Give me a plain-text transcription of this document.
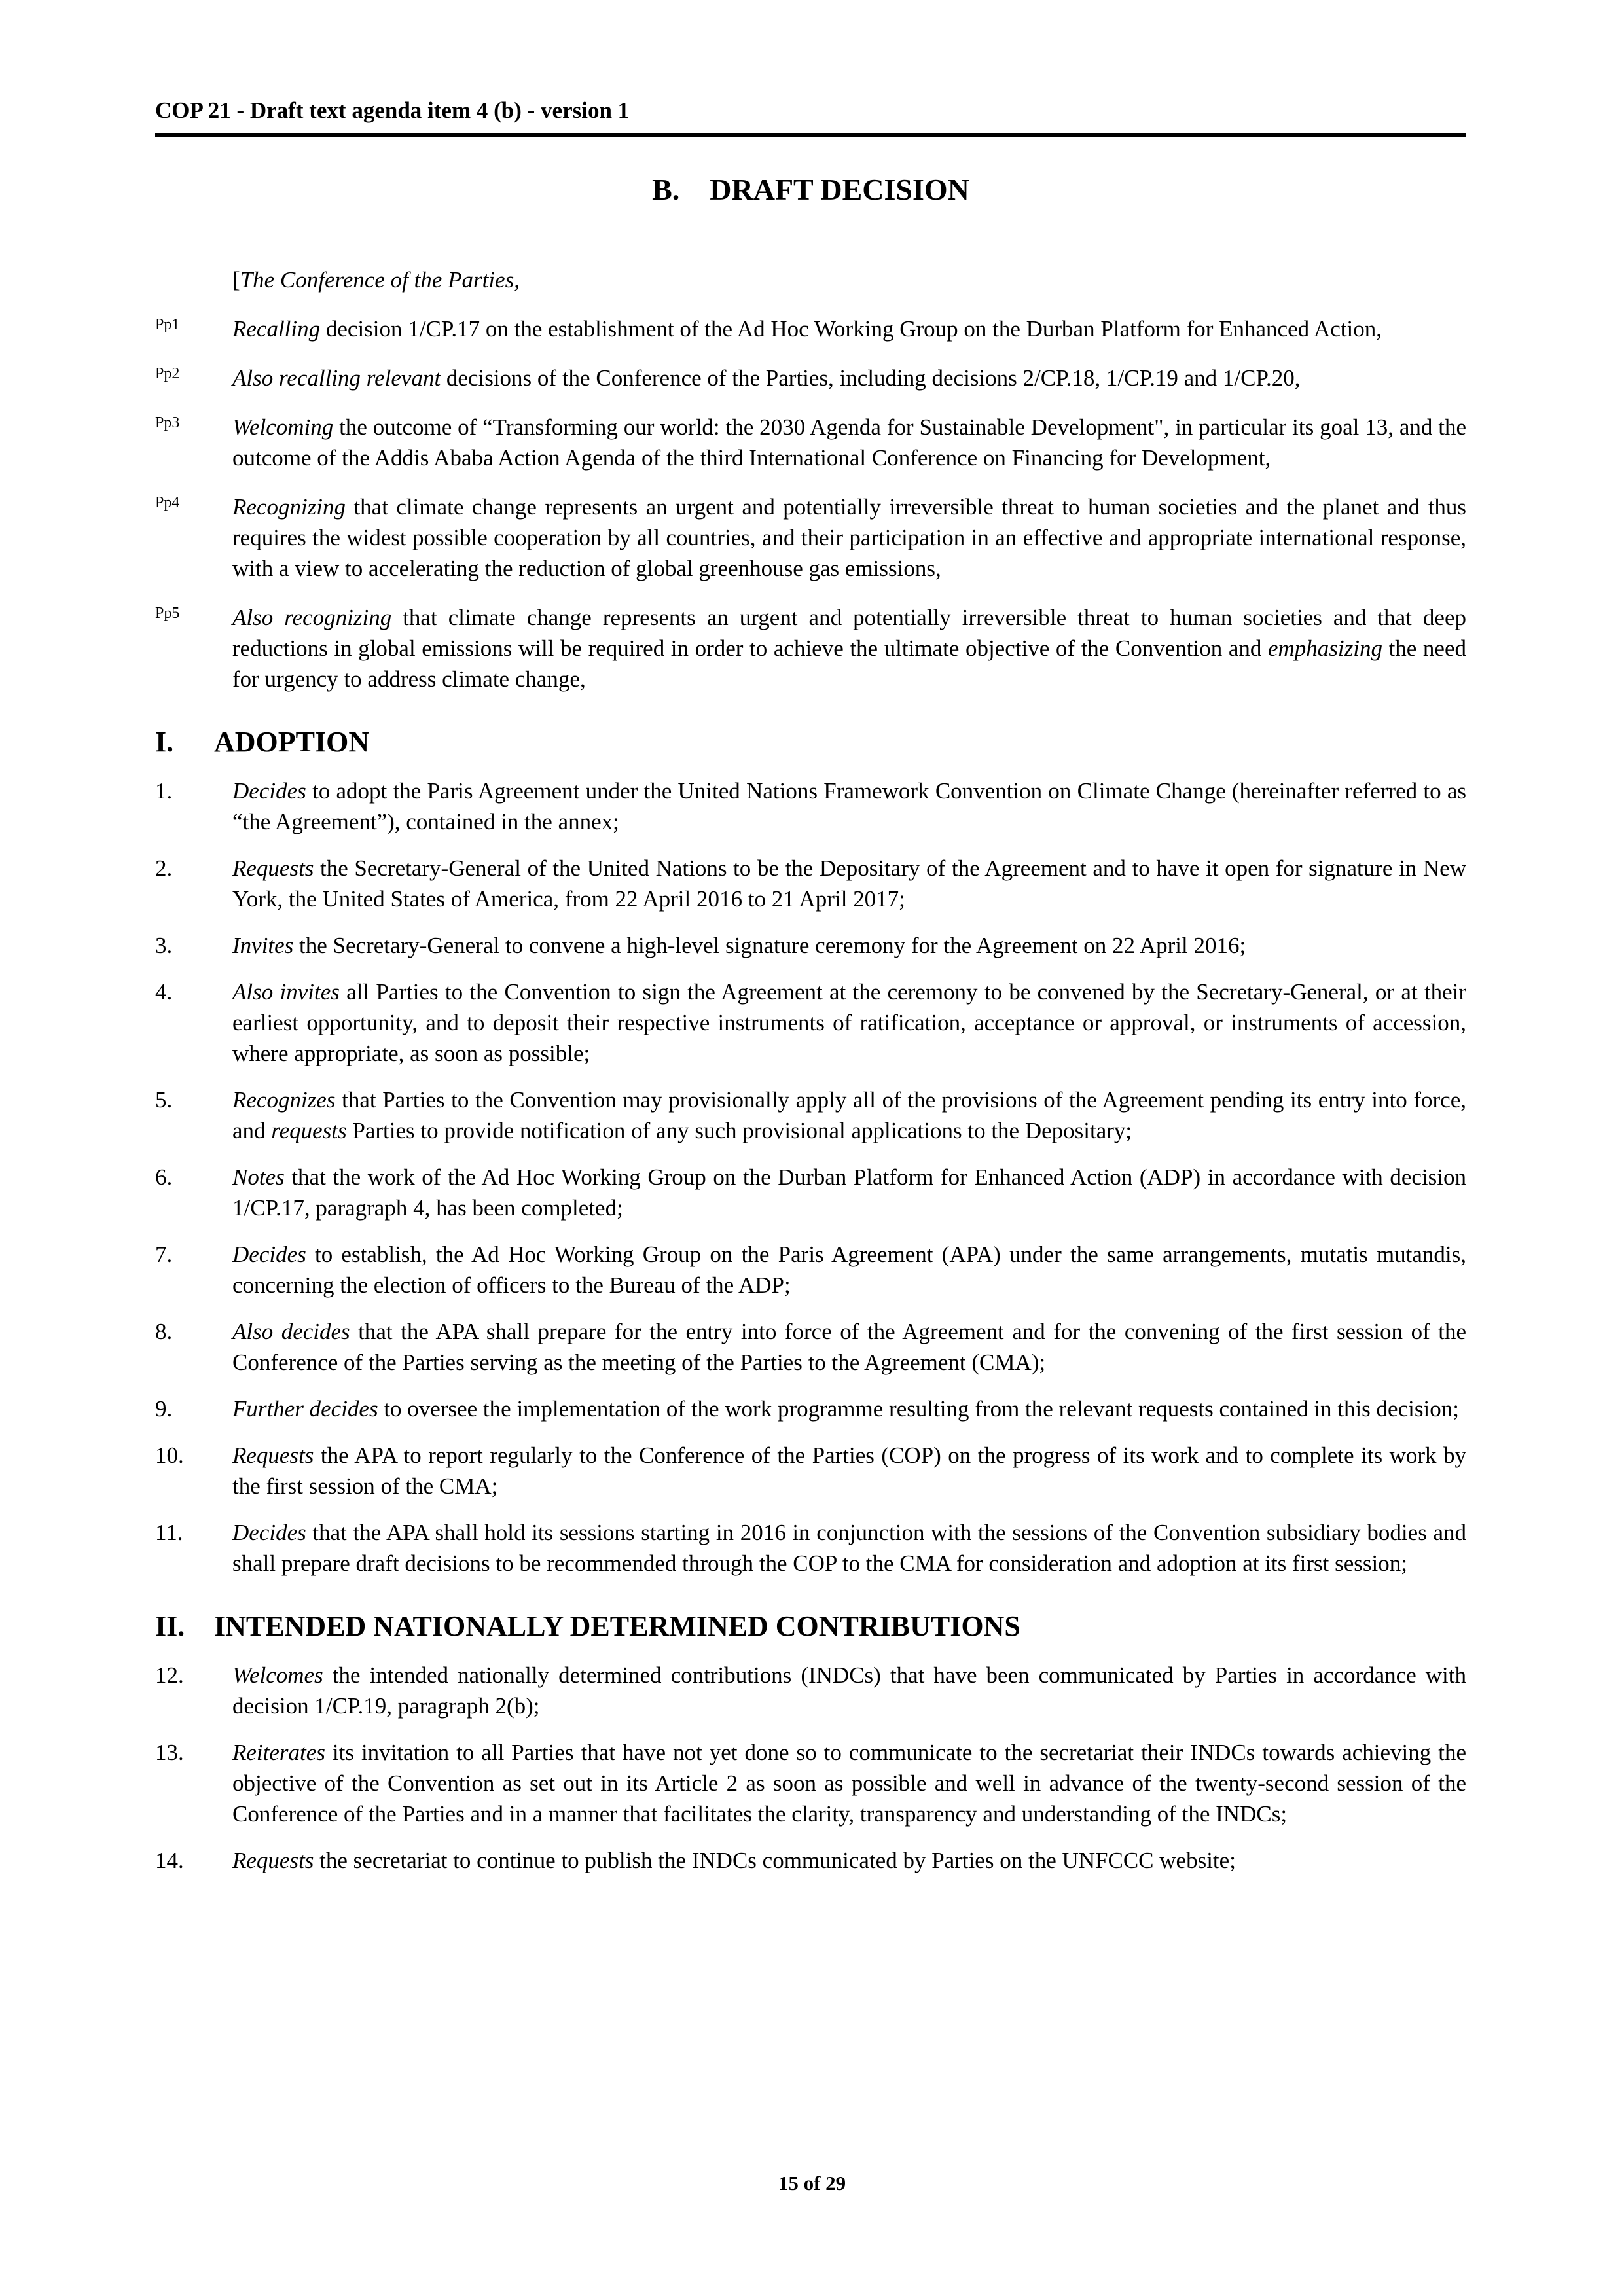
COP 21 - Draft text agenda item 4 (b) - version 1
B. DRAFT DECISION

[The Conference of the Parties,

Pp1	Recalling decision 1/CP.17 on the establishment of the Ad Hoc Working Group on the Durban Platform for Enhanced Action,

Pp2	Also recalling relevant decisions of the Conference of the Parties, including decisions 2/CP.18, 1/CP.19 and 1/CP.20,

Pp3	Welcoming the outcome of “Transforming our world: the 2030 Agenda for Sustainable Development", in particular its goal 13, and the outcome of the Addis Ababa Action Agenda of the third International Conference on Financing for Development,

Pp4	Recognizing that climate change represents an urgent and potentially irreversible threat to human societies and the planet and thus requires the widest possible cooperation by all countries, and their participation in an effective and appropriate international response, with a view to accelerating the reduction of global greenhouse gas emissions,

Pp5	Also recognizing that climate change represents an urgent and potentially irreversible threat to human societies and that deep reductions in global emissions will be required in order to achieve the ultimate objective of the Convention and emphasizing the need for urgency to address climate change,

I.	ADOPTION
1.	Decides to adopt the Paris Agreement under the United Nations Framework Convention on Climate Change (hereinafter referred to as “the Agreement”), contained in the annex;

2.	Requests the Secretary-General of the United Nations to be the Depositary of the Agreement and to have it open for signature in New York, the United States of America, from 22 April 2016 to 21 April 2017;

3.	Invites the Secretary-General to convene a high-level signature ceremony for the Agreement on 22 April 2016;

4.	Also invites all Parties to the Convention to sign the Agreement at the ceremony to be convened by the Secretary-General, or at their earliest opportunity, and to deposit their respective instruments of ratification, acceptance or approval, or instruments of accession, where appropriate, as soon as possible;

5.	Recognizes that Parties to the Convention may provisionally apply all of the provisions of the Agreement pending its entry into force, and requests Parties to provide notification of any such provisional applications to the Depositary;

6.	Notes that the work of the Ad Hoc Working Group on the Durban Platform for Enhanced Action (ADP) in accordance with decision 1/CP.17, paragraph 4, has been completed;

7.	Decides to establish, the Ad Hoc Working Group on the Paris Agreement (APA) under the same arrangements, mutatis mutandis, concerning the election of officers to the Bureau of the ADP;

8.	Also decides that the APA shall prepare for the entry into force of the Agreement and for the convening of the first session of the Conference of the Parties serving as the meeting of the Parties to the Agreement (CMA);

9.	Further decides to oversee the implementation of the work programme resulting from the relevant requests contained in this decision;

10.	Requests the APA to report regularly to the Conference of the Parties (COP) on the progress of its work and to complete its work by the first session of the CMA;

11.	Decides that the APA shall hold its sessions starting in 2016 in conjunction with the sessions of the Convention subsidiary bodies and shall prepare draft decisions to be recommended through the COP to the CMA for consideration and adoption at its first session;

II.	INTENDED NATIONALLY DETERMINED CONTRIBUTIONS
12.	Welcomes the intended nationally determined contributions (INDCs) that have been communicated by Parties in accordance with decision 1/CP.19, paragraph 2(b);

13.	Reiterates its invitation to all Parties that have not yet done so to communicate to the secretariat their INDCs towards achieving the objective of the Convention as set out in its Article 2 as soon as possible and well in advance of the twenty-second session of the Conference of the Parties and in a manner that facilitates the clarity, transparency and understanding of the INDCs;

14.	Requests the secretariat to continue to publish the INDCs communicated by Parties on the UNFCCC website;

15 of 29
